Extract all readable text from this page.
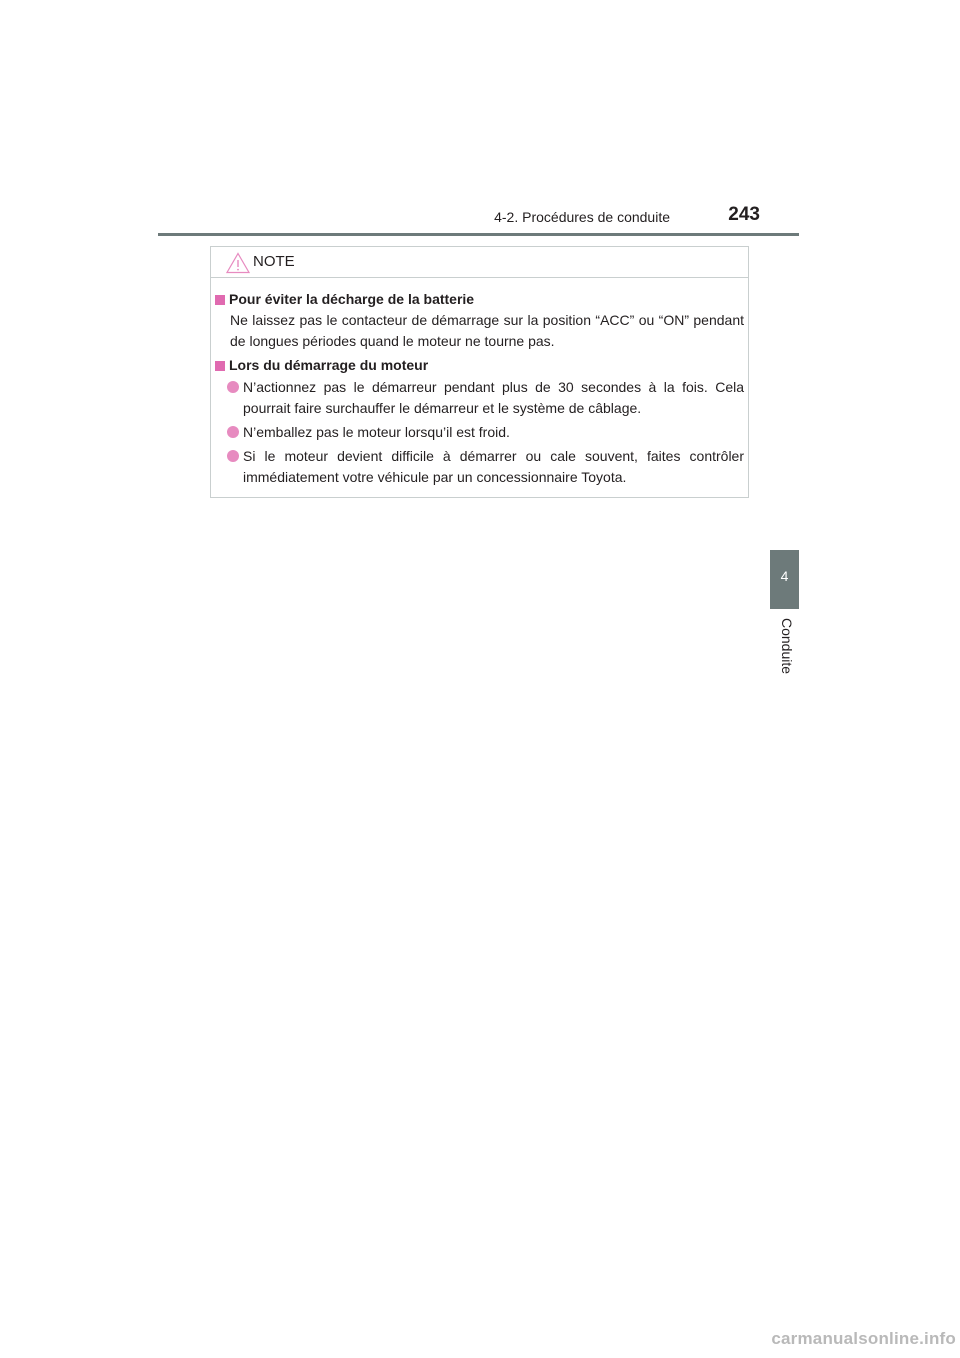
4-2. Procédures de conduite	243
NOTE
Pour éviter la décharge de la batterie

Ne laissez pas le contacteur de démarrage sur la position “ACC” ou “ON” pendant de longues périodes quand le moteur ne tourne pas.

Lors du démarrage du moteur
N’actionnez pas le démarreur pendant plus de 30 secondes à la fois. Cela pourrait faire surchauffer le démarreur et le système de câblage.
N’emballez pas le moteur lorsqu’il est froid.
Si le moteur devient difficile à démarrer ou cale souvent, faites contrôler immédiatement votre véhicule par un concessionnaire Toyota.
4
Conduite
carmanualsonline.info
